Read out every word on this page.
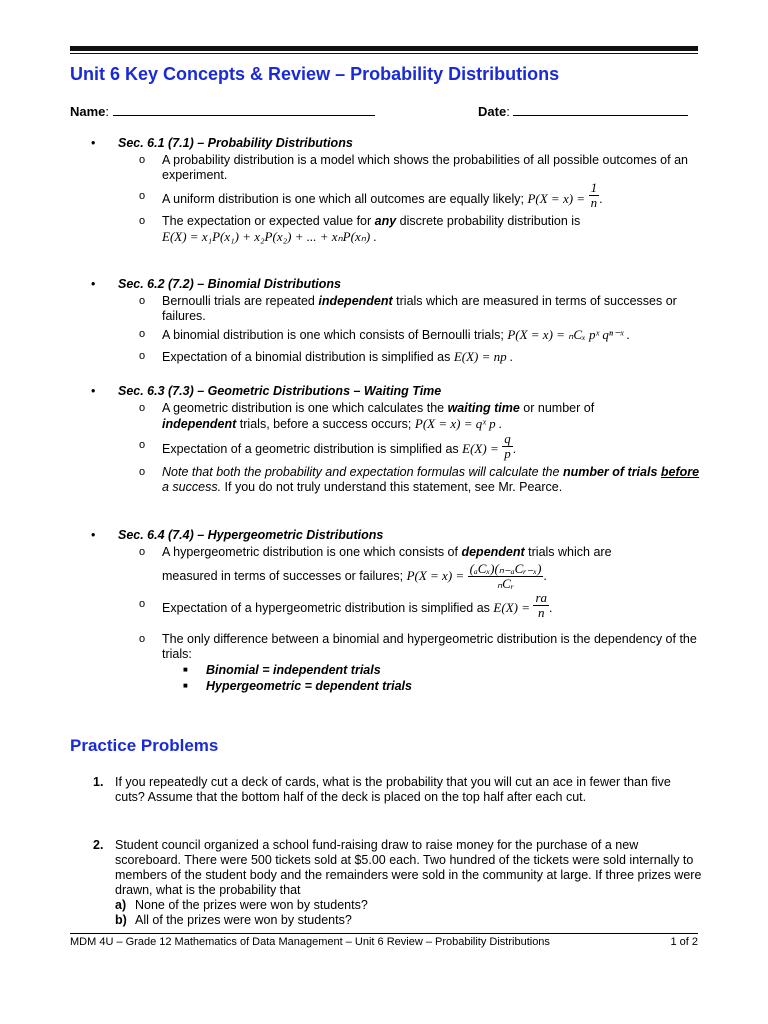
Unit 6 Key Concepts & Review – Probability Distributions
Name:	Date:
• Sec. 6.1 (7.1) – Probability Distributions
o A probability distribution is a model which shows the probabilities of all possible outcomes of an experiment.
o A uniform distribution is one which all outcomes are equally likely; $P(X = x) = \frac{1}{n}$ .
o The expectation or expected value for any discrete probability distribution is
E(X) = x₁P(x₁) + x₂P(x₂) + ... + xₙP(xₙ) .
• Sec. 6.2 (7.2) – Binomial Distributions
o Bernoulli trials are repeated independent trials which are measured in terms of successes or failures.
o A binomial distribution is one which consists of Bernoulli trials; P(X = x) = ₙCₓ pˣ qⁿ⁻ˣ .
o Expectation of a binomial distribution is simplified as E(X) = np .
• Sec. 6.3 (7.3) – Geometric Distributions – Waiting Time
o A geometric distribution is one which calculates the waiting time or number of
independent trials, before a success occurs; P(X = x) = qˣ p .
o Expectation of a geometric distribution is simplified as $E(X) = \frac{q}{p}$ .
o Note that both the probability and expectation formulas will calculate the number of trials before a success. If you do not truly understand this statement, see Mr. Pearce.
• Sec. 6.4 (7.4) – Hypergeometric Distributions
o A hypergeometric distribution is one which consists of dependent trials which are

measured in terms of successes or failures; $P(X = x) = \frac{\text{(ₐCₓ)(ₙ₋ₐCᵣ₋ₓ)}}{\text{ₙCᵣ}}$ .
o Expectation of a hypergeometric distribution is simplified as $E(X) = \frac{ra}{n}$ .
o The only difference between a binomial and hypergeometric distribution is the dependency of the trials:
■ Binomial = independent trials
■ Hypergeometric = dependent trials
Practice Problems
1. If you repeatedly cut a deck of cards, what is the probability that you will cut an ace in fewer than five cuts? Assume that the bottom half of the deck is placed on the top half after each cut.
2. Student council organized a school fund-raising draw to raise money for the purchase of a new scoreboard. There were 500 tickets sold at $5.00 each. Two hundred of the tickets were sold internally to members of the student body and the remainders were sold in the community at large. If three prizes were drawn, what is the probability that
a) None of the prizes were won by students?
b) All of the prizes were won by students?
MDM 4U – Grade 12 Mathematics of Data Management – Unit 6 Review – Probability Distributions	1 of 2
